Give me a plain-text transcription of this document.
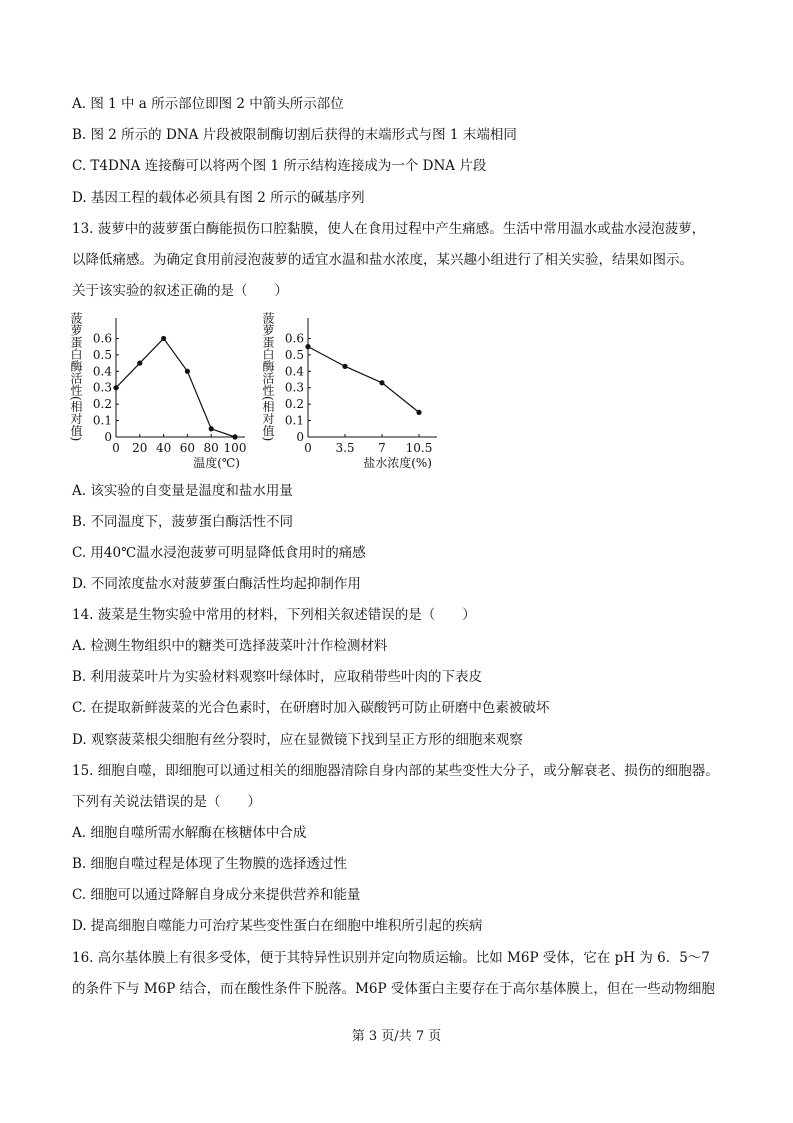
A. 图 1 中 a 所示部位即图 2 中箭头所示部位
B. 图 2 所示的 DNA 片段被限制酶切割后获得的末端形式与图 1 末端相同
C. T4DNA 连接酶可以将两个图 1 所示结构连接成为一个 DNA 片段
D. 基因工程的载体必须具有图 2 所示的碱基序列
13. 菠萝中的菠萝蛋白酶能损伤口腔黏膜，使人在食用过程中产生痛感。生活中常用温水或盐水浸泡菠萝，
以降低痛感。为确定食用前浸泡菠萝的适宜水温和盐水浓度，某兴趣小组进行了相关实验，结果如图示。
关于该实验的叙述正确的是（　　）
0
0.1
0.2
0.3
0.4
0.5
0.6
0 20 40 60 80 100
菠萝蛋白酶活性(相对值)
温度(℃)
0
0.1
0.2
0.3
0.4
0.5
0.6
0 3.5 7 10.5
菠萝蛋白酶活性(相对值)
盐水浓度(%)
A. 该实验的自变量是温度和盐水用量
B. 不同温度下，菠萝蛋白酶活性不同
C. 用40℃温水浸泡菠萝可明显降低食用时的痛感
D. 不同浓度盐水对菠萝蛋白酶活性均起抑制作用
14. 菠菜是生物实验中常用的材料，下列相关叙述错误的是（　　）
A. 检测生物组织中的糖类可选择菠菜叶汁作检测材料
B. 利用菠菜叶片为实验材料观察叶绿体时，应取稍带些叶肉的下表皮
C. 在提取新鲜菠菜的光合色素时，在研磨时加入碳酸钙可防止研磨中色素被破坏
D. 观察菠菜根尖细胞有丝分裂时，应在显微镜下找到呈正方形的细胞来观察
15. 细胞自噬，即细胞可以通过相关的细胞器清除自身内部的某些变性大分子，或分解衰老、损伤的细胞器。
下列有关说法错误的是（　　）
A. 细胞自噬所需水解酶在核糖体中合成
B. 细胞自噬过程是体现了生物膜的选择透过性
C. 细胞可以通过降解自身成分来提供营养和能量
D. 提高细胞自噬能力可治疗某些变性蛋白在细胞中堆积所引起的疾病
16. 高尔基体膜上有很多受体，便于其特异性识别并定向物质运输。比如 M6P 受体，它在 pH 为 6．5～7
的条件下与 M6P 结合，而在酸性条件下脱落。M6P 受体蛋白主要存在于高尔基体膜上，但在一些动物细胞
第 3 页/共 7 页
